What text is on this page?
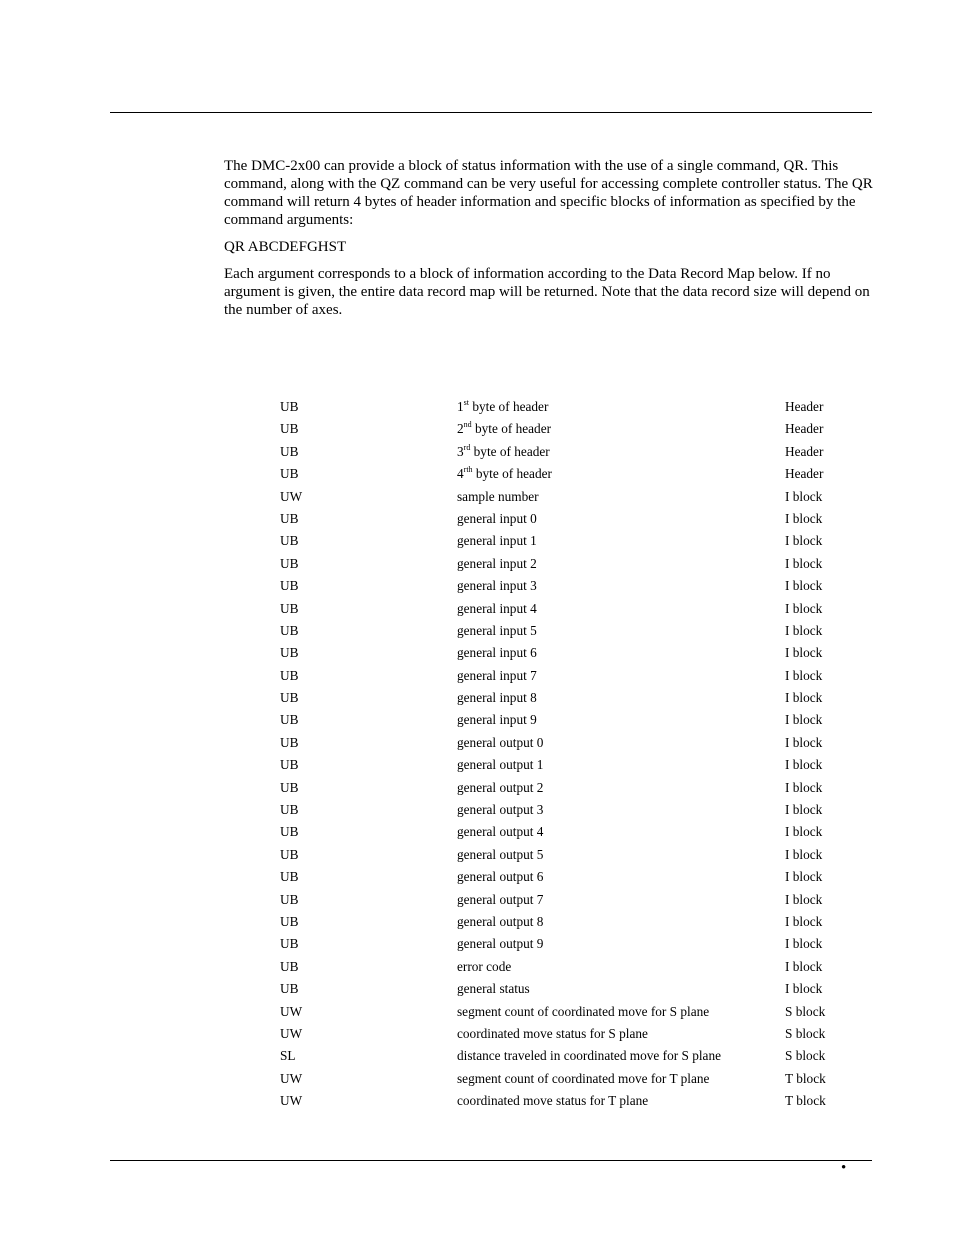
The DMC-2x00 can provide a block of status information with the use of a single command, QR. This command, along with the QZ command can be very useful for accessing complete controller status. The QR command will return 4 bytes of header information and specific blocks of information as specified by the command arguments:

QR ABCDEFGHST

Each argument corresponds to a block of information according to the Data Record Map below. If no argument is given, the entire data record map will be returned. Note that the data record size will depend on the number of axes.

UB	1st byte of header	Header
UB	2nd byte of header	Header
UB	3rd byte of header	Header
UB	$4^{rth}$ byte of header	Header
UW	sample number	I block
UB	general input 0	I block
UB	general input 1	I block
UB	general input 2	I block
UB	general input 3	I block
UB	general input 4	I block
UB	general input 5	I block
UB	general input 6	I block
UB	general input 7	I block
UB	general input 8	I block
UB	general input 9	I block
UB	general output 0	I block
UB	general output 1	I block
UB	general output 2	I block
UB	general output 3	I block
UB	general output 4	I block
UB	general output 5	I block
UB	general output 6	I block
UB	general output 7	I block
UB	general output 8	I block
UB	general output 9	I block
UB	error code	I block
UB	general status	I block
UW	segment count of coordinated move for S plane	S block
UW	coordinated move status for S plane	S block
SL	distance traveled in coordinated move for S plane	S block
UW	segment count of coordinated move for T plane	T block
UW	coordinated move status for T plane	T block
•
